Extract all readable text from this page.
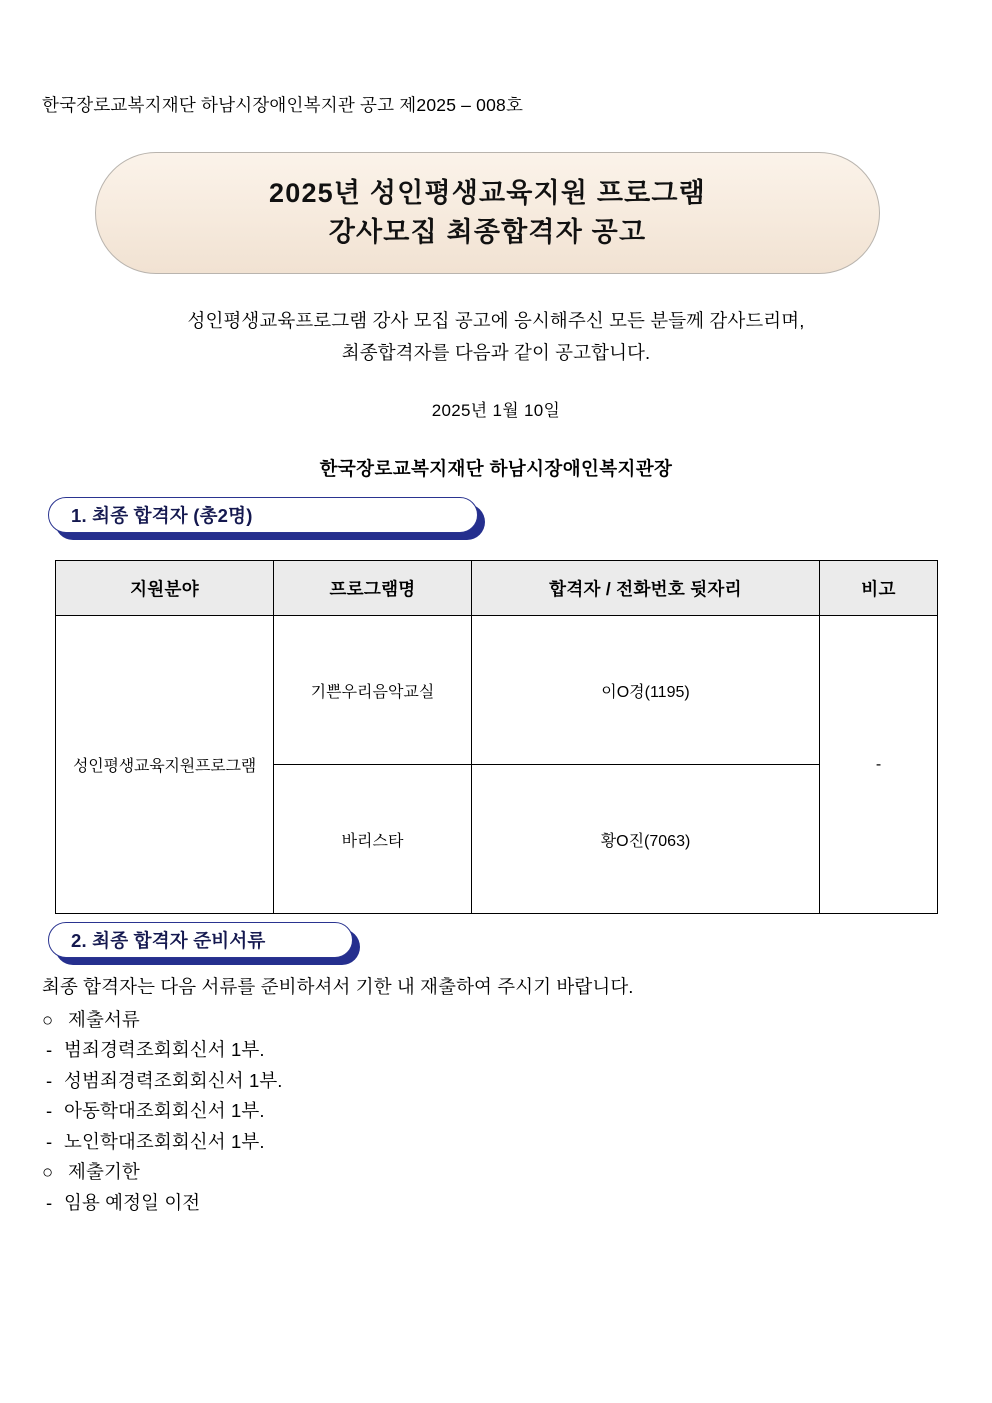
한국장로교복지재단 하남시장애인복지관 공고 제2025 – 008호
2025년 성인평생교육지원 프로그램
강사모집 최종합격자 공고
성인평생교육프로그램 강사 모집 공고에 응시해주신 모든 분들께 감사드리며,
최종합격자를 다음과 같이 공고합니다.
2025년 1월 10일
한국장로교복지재단 하남시장애인복지관장
1. 최종 합격자 (총2명)
지원분야	프로그램명	합격자 / 전화번호 뒷자리	비고
성인평생교육지원프로그램	기쁜우리음악교실	이O경(1195)	-
	바리스타	황O진(7063)	
2. 최종 합격자 준비서류

최종 합격자는 다음 서류를 준비하셔서 기한 내 재출하여 주시기 바랍니다.

○ 제출서류

- 범죄경력조회회신서 1부.

- 성범죄경력조회회신서 1부.

- 아동학대조회회신서 1부.

- 노인학대조회회신서 1부.

○ 제출기한

- 임용 예정일 이전
